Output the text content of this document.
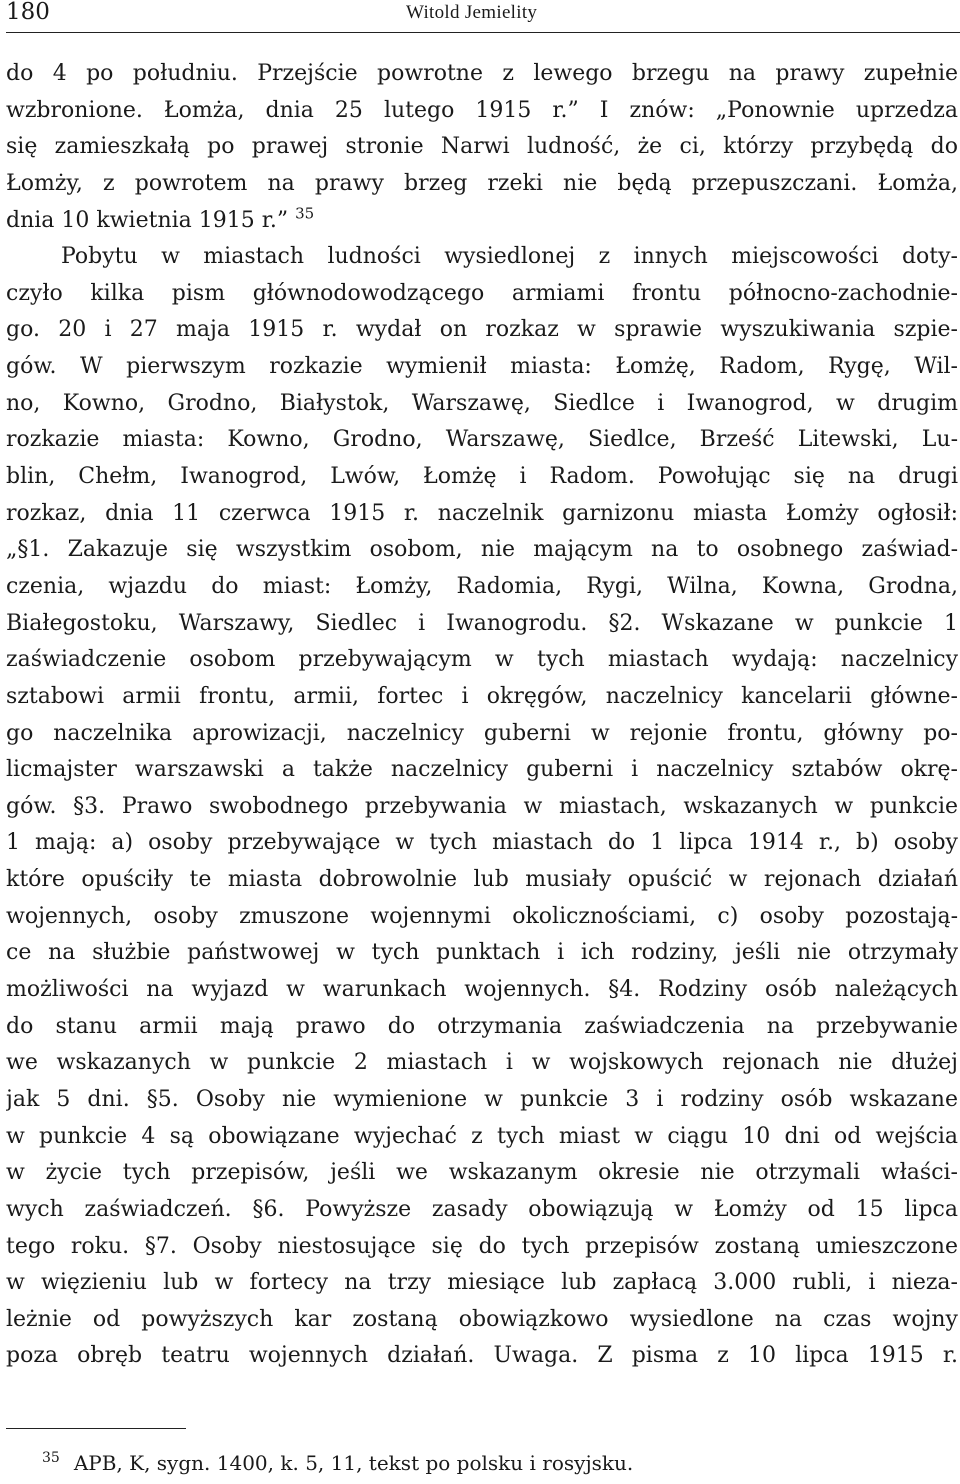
180	Witold Jemielity
do 4 po południu. Przejście powrotne z lewego brzegu na prawy zupełnie
wzbronione. Łomża, dnia 25 lutego 1915 r.” I znów: „Ponownie uprzedza
się zamieszkałą po prawej stronie Narwi ludność, że ci, którzy przybędą do
Łomży, z powrotem na prawy brzeg rzeki nie będą przepuszczani. Łomża,
dnia 10 kwietnia 1915 r.” $^{35}$
Pobytu w miastach ludności wysiedlonej z innych miejscowości doty-
czyło kilka pism głównodowodzącego armiami frontu północno-zachodnie-
go. 20 i 27 maja 1915 r. wydał on rozkaz w sprawie wyszukiwania szpie-
gów. W pierwszym rozkazie wymienił miasta: Łomżę, Radom, Rygę, Wil-
no, Kowno, Grodno, Białystok, Warszawę, Siedlce i Iwanogrod, w drugim
rozkazie miasta: Kowno, Grodno, Warszawę, Siedlce, Brześć Litewski, Lu-
blin, Chełm, Iwanogrod, Lwów, Łomżę i Radom. Powołując się na drugi
rozkaz, dnia 11 czerwca 1915 r. naczelnik garnizonu miasta Łomży ogłosił:
„§1. Zakazuje się wszystkim osobom, nie mającym na to osobnego zaświad-
czenia, wjazdu do miast: Łomży, Radomia, Rygi, Wilna, Kowna, Grodna,
Białegostoku, Warszawy, Siedlec i Iwanogrodu. §2. Wskazane w punkcie 1
zaświadczenie osobom przebywającym w tych miastach wydają: naczelnicy
sztabowi armii frontu, armii, fortec i okręgów, naczelnicy kancelarii główne-
go naczelnika aprowizacji, naczelnicy guberni w rejonie frontu, główny po-
licmajster warszawski a także naczelnicy guberni i naczelnicy sztabów okrę-
gów. §3. Prawo swobodnego przebywania w miastach, wskazanych w punkcie
1 mają: a) osoby przebywające w tych miastach do 1 lipca 1914 r., b) osoby
które opuściły te miasta dobrowolnie lub musiały opuścić w rejonach działań
wojennych, osoby zmuszone wojennymi okolicznościami, c) osoby pozostają-
ce na służbie państwowej w tych punktach i ich rodziny, jeśli nie otrzymały
możliwości na wyjazd w warunkach wojennych. §4. Rodziny osób należących
do stanu armii mają prawo do otrzymania zaświadczenia na przebywanie
we wskazanych w punkcie 2 miastach i w wojskowych rejonach nie dłużej
jak 5 dni. §5. Osoby nie wymienione w punkcie 3 i rodziny osób wskazane
w punkcie 4 są obowiązane wyjechać z tych miast w ciągu 10 dni od wejścia
w życie tych przepisów, jeśli we wskazanym okresie nie otrzymali właści-
wych zaświadczeń. §6. Powyższe zasady obowiązują w Łomży od 15 lipca
tego roku. §7. Osoby niestosujące się do tych przepisów zostaną umieszczone
w więzieniu lub w fortecy na trzy miesiące lub zapłacą 3.000 rubli, i nieza-
leżnie od powyższych kar zostaną obowiązkowo wysiedlone na czas wojny
poza obręb teatru wojennych działań. Uwaga. Z pisma z 10 lipca 1915 r.
$^{35}$ APB, K, sygn. 1400, k. 5, 11, tekst po polsku i rosyjsku.
